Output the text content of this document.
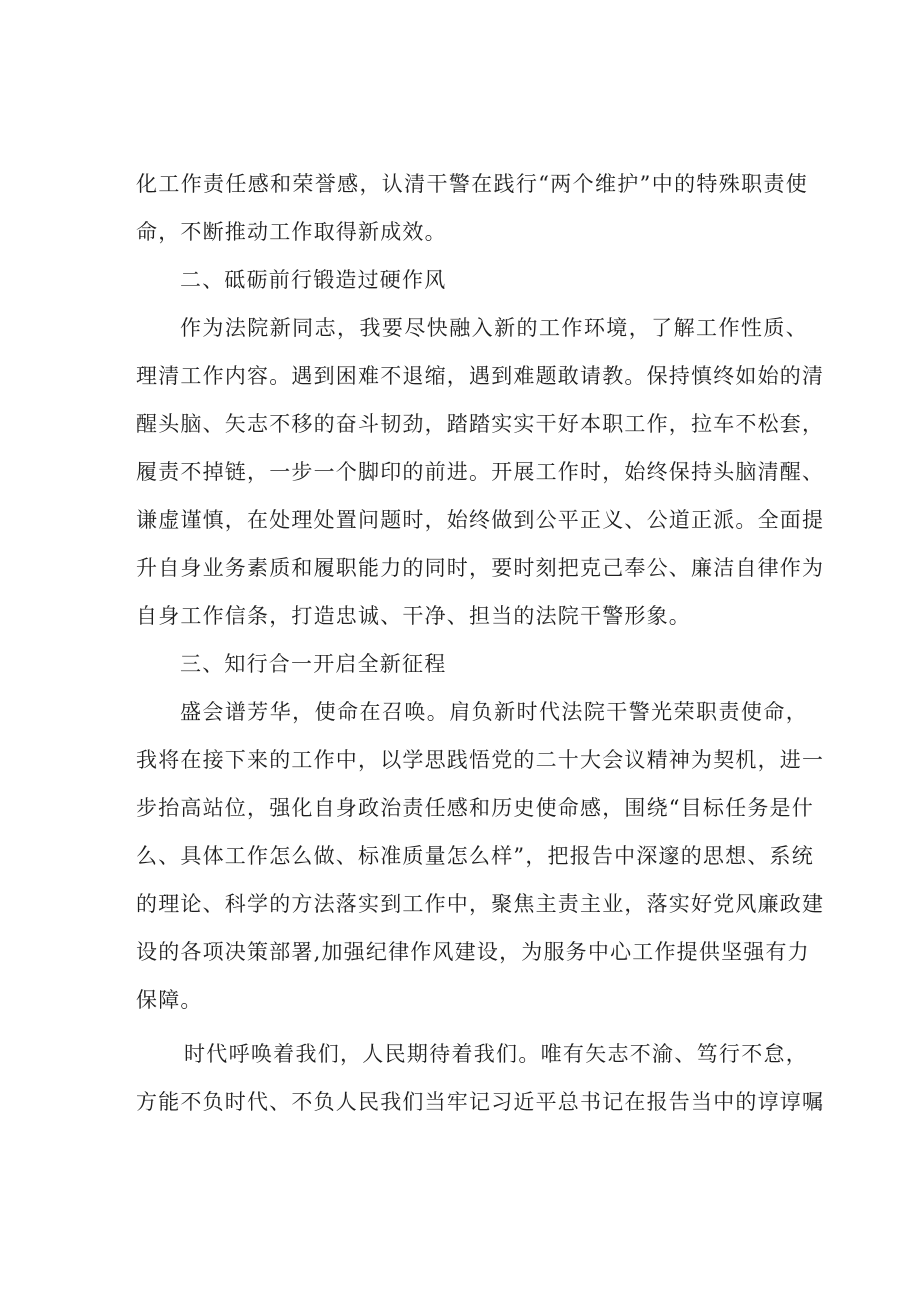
化工作责任感和荣誉感，认清干警在践行“两个维护”中的特殊职责使
命，不断推动工作取得新成效。
二、砥砺前行锻造过硬作风
作为法院新同志，我要尽快融入新的工作环境，了解工作性质、
理清工作内容。遇到困难不退缩，遇到难题敢请教。保持慎终如始的清
醒头脑、矢志不移的奋斗韧劲，踏踏实实干好本职工作，拉车不松套，
履责不掉链，一步一个脚印的前进。开展工作时，始终保持头脑清醒、
谦虚谨慎，在处理处置问题时，始终做到公平正义、公道正派。全面提
升自身业务素质和履职能力的同时，要时刻把克己奉公、廉洁自律作为
自身工作信条，打造忠诚、干净、担当的法院干警形象。
三、知行合一开启全新征程
盛会谱芳华，使命在召唤。肩负新时代法院干警光荣职责使命，
我将在接下来的工作中，以学思践悟党的二十大会议精神为契机，进一
步抬高站位，强化自身政治责任感和历史使命感，围绕“目标任务是什
么、具体工作怎么做、标准质量怎么样”，把报告中深邃的思想、系统
的理论、科学的方法落实到工作中，聚焦主责主业，落实好党风廉政建
设的各项决策部署,加强纪律作风建设，为服务中心工作提供坚强有力
保障。
时代呼唤着我们，人民期待着我们。唯有矢志不渝、笃行不怠，
方能不负时代、不负人民我们当牢记习近平总书记在报告当中的谆谆嘱
